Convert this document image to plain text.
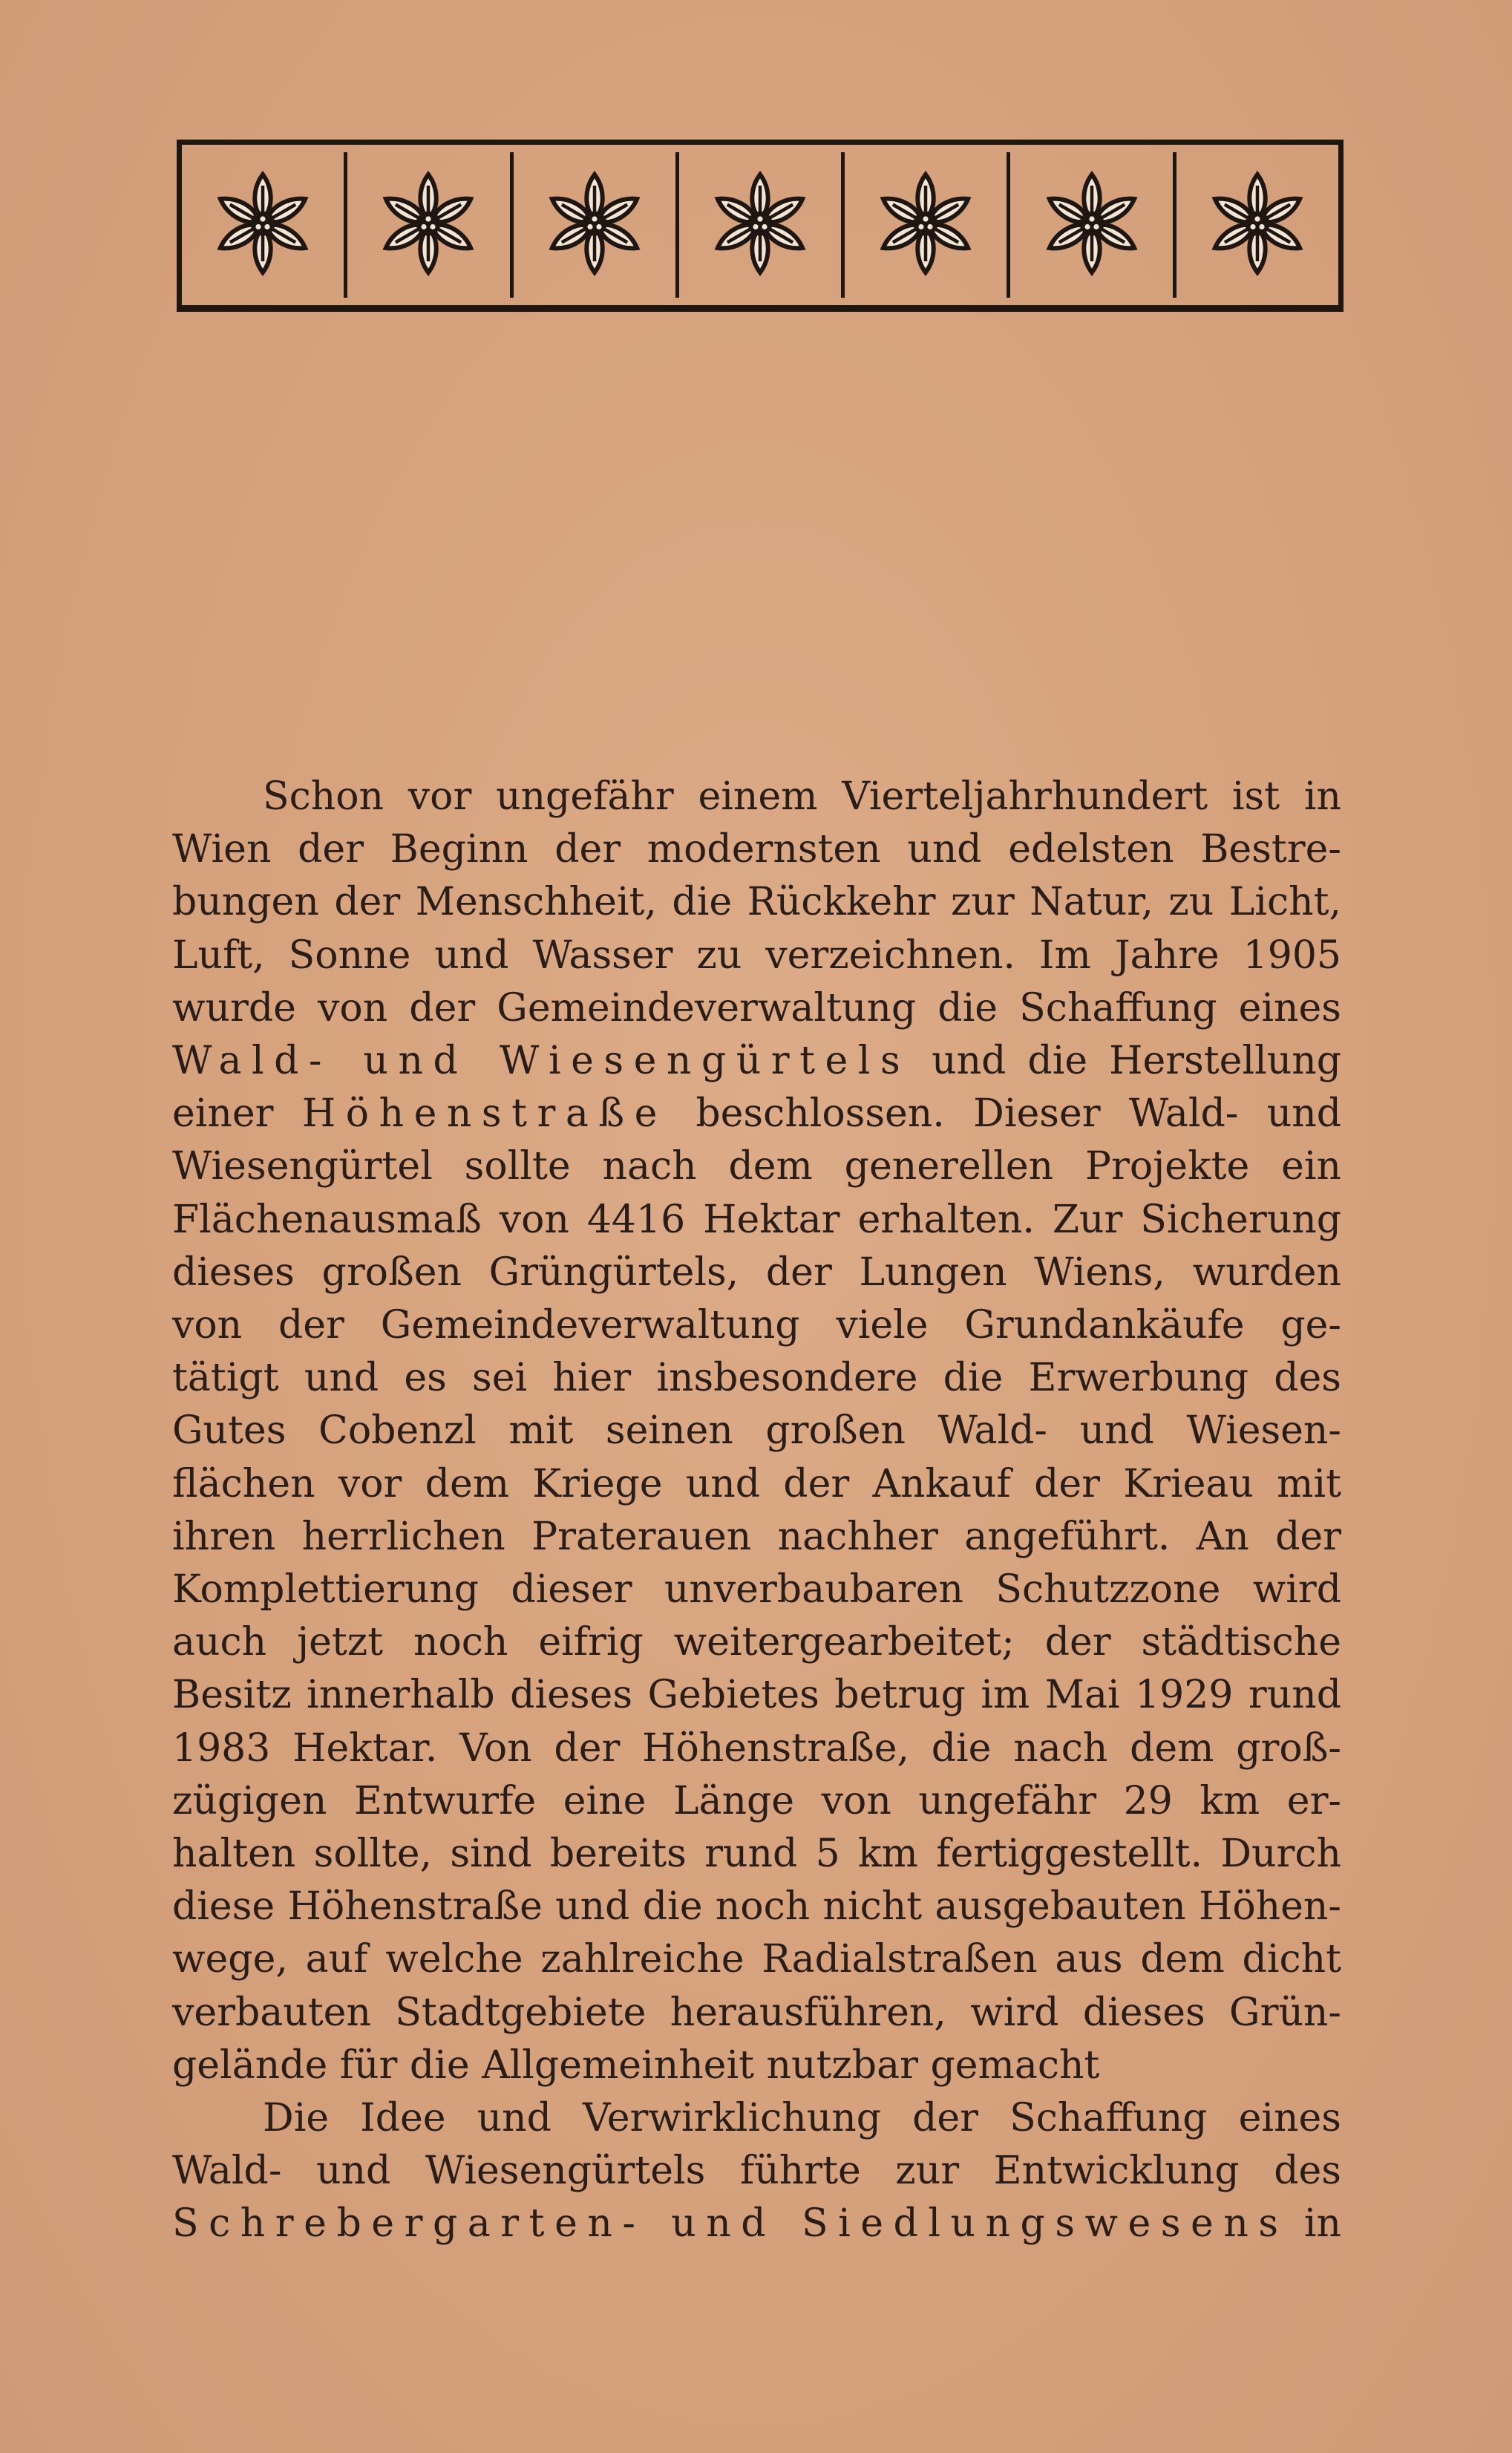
Schon vor ungefähr einem Vierteljahrhundert ist in
Wien der Beginn der modernsten und edelsten Bestre-
bungen der Menschheit, die Rückkehr zur Natur, zu Licht,
Luft, Sonne und Wasser zu verzeichnen. Im Jahre 1905
wurde von der Gemeindeverwaltung die Schaffung eines
Wald- und Wiesengürtels und die Herstellung
einer Höhenstraße beschlossen. Dieser Wald- und
Wiesengürtel sollte nach dem generellen Projekte ein
Flächenausmaß von 4416 Hektar erhalten. Zur Sicherung
dieses großen Grüngürtels, der Lungen Wiens, wurden
von der Gemeindeverwaltung viele Grundankäufe ge-
tätigt und es sei hier insbesondere die Erwerbung des
Gutes Cobenzl mit seinen großen Wald- und Wiesen-
flächen vor dem Kriege und der Ankauf der Krieau mit
ihren herrlichen Praterauen nachher angeführt. An der
Komplettierung dieser unverbaubaren Schutzzone wird
auch jetzt noch eifrig weitergearbeitet; der städtische
Besitz innerhalb dieses Gebietes betrug im Mai 1929 rund
1983 Hektar. Von der Höhenstraße, die nach dem groß-
zügigen Entwurfe eine Länge von ungefähr 29 km er-
halten sollte, sind bereits rund 5 km fertiggestellt. Durch
diese Höhenstraße und die noch nicht ausgebauten Höhen-
wege, auf welche zahlreiche Radialstraßen aus dem dicht
verbauten Stadtgebiete herausführen, wird dieses Grün-
gelände für die Allgemeinheit nutzbar gemacht
Die Idee und Verwirklichung der Schaffung eines
Wald- und Wiesengürtels führte zur Entwicklung des
Schrebergarten- und Siedlungswesens in
